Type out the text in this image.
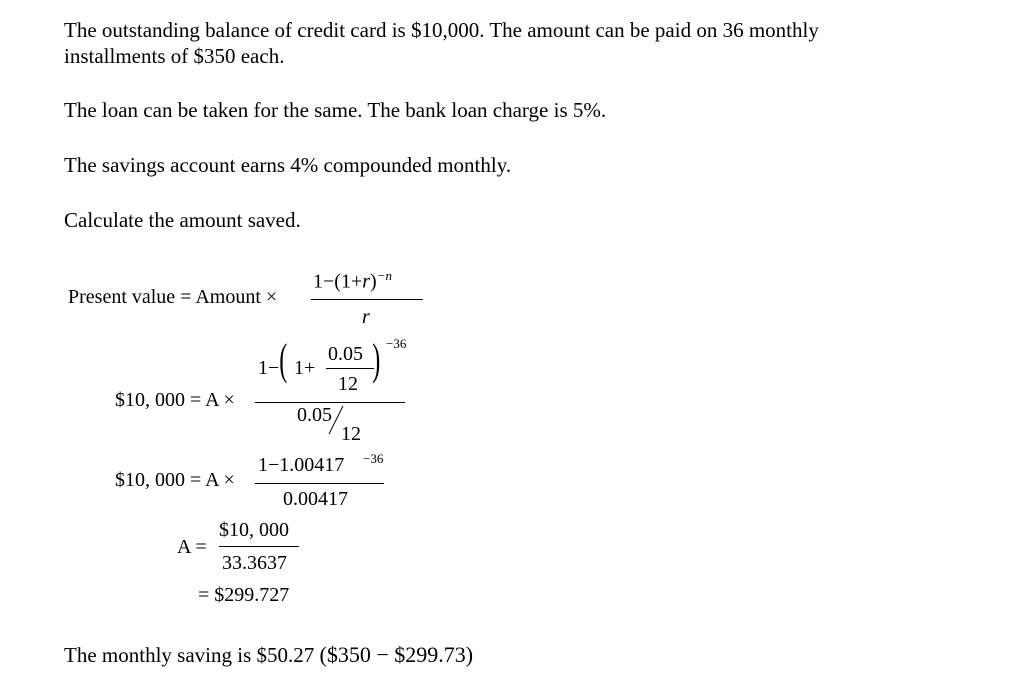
The outstanding balance of credit card is $10,000. The amount can be paid on 36 monthly
installments of $350 each.
The loan can be taken for the same. The bank loan charge is 5%.
The savings account earns 4% compounded monthly.
Calculate the amount saved.
Present value = Amount ×
$1-(1+r)^{-n}$
r
$10, 000 = A ×
1− ( 1+
0.05
12 ) −36
0.05
12
$10, 000 = A ×
1−1.00417 −36
0.00417
A =
$10, 000
33.3637
= $299.727
The monthly saving is $50.27 ($350 − $299.73)
